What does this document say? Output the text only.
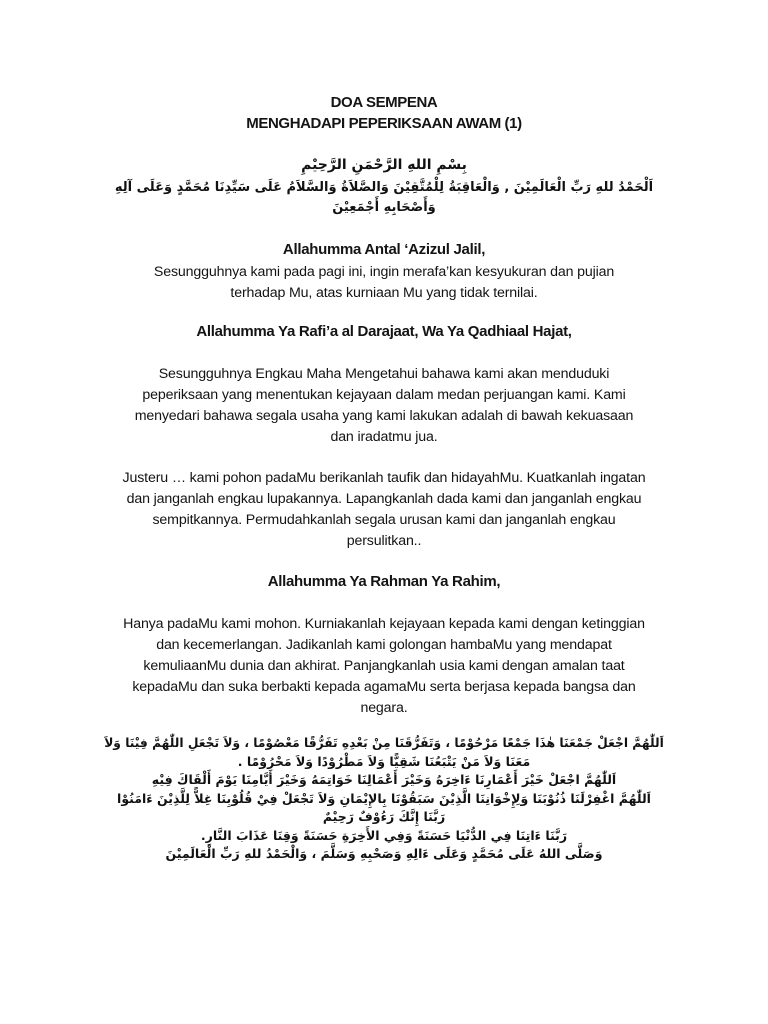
DOA SEMPENA
MENGHADAPI PEPERIKSAAN AWAM (1)
بِسْمِ اللهِ الرَّحْمَنِ الرَّحِيْمِ
اَلْحَمْدُ للهِ رَبِّ الْعَالَمِيْنَ , وَالْعَاقِبَةُ لِلْمُتَّقِيْنَ وَالصَّلاَةُ وَالسَّلاَمُ عَلَى سَيِّدِنَا مُحَمَّدٍ وَعَلَى آلِهِ
وَأَصْحَابِهِ أَجْمَعِيْنَ
Allahumma Antal ‘Azizul Jalil,
Sesungguhnya kami pada pagi ini, ingin merafa’kan kesyukuran dan pujian
terhadap Mu, atas kurniaan Mu yang tidak ternilai.
Allahumma Ya Rafi’a al Darajaat, Wa Ya Qadhiaal Hajat,
Sesungguhnya Engkau Maha Mengetahui bahawa kami akan menduduki
peperiksaan yang menentukan kejayaan dalam medan perjuangan kami. Kami
menyedari bahawa segala usaha yang kami lakukan adalah di bawah kekuasaan
dan iradatmu jua.
Justeru … kami pohon padaMu berikanlah taufik dan hidayahMu. Kuatkanlah ingatan
dan janganlah engkau lupakannya. Lapangkanlah dada kami dan janganlah engkau
sempitkannya. Permudahkanlah segala urusan kami dan janganlah engkau
persulitkan..
Allahumma Ya Rahman Ya Rahim,
Hanya padaMu kami mohon. Kurniakanlah kejayaan kepada kami dengan ketinggian
dan kecemerlangan. Jadikanlah kami golongan hambaMu yang mendapat
kemuliaanMu dunia dan akhirat. Panjangkanlah usia kami dengan amalan taat
kepadaMu dan suka berbakti kepada agamaMu serta berjasa kepada bangsa dan
negara.
اَللّٰهُمَّ اجْعَلْ جَمْعَنَا هٰذَا جَمْعًا مَرْحُوْمًا ، وَتَفَرُّقَنَا مِنْ بَعْدِهِ تَفَرُّقًا مَعْصُوْمًا ، وَلاَ تَجْعَلِ اللّٰهُمَّ فِيْنَا وَلاَ
مَعَنَا وَلاَ مَنْ يَتْبَعُنَا شَقِيًّا وَلاَ مَطْرُوْدًا وَلاَ مَحْرُوْمًا .
اَللّٰهُمَّ اجْعَلْ خَيْرَ أَعْمَارِنَا ءَاخِرَهُ وَخَيْرَ أَعْمَالِنَا خَوَاتِمَهُ وَخَيْرَ أَيَّامِنَا يَوْمَ أَلْقَاكَ فِيْهِ
اَللّٰهُمَّ اغْفِرْلَنَا ذُنُوْبَنَا وَلِإِخْوَانِنَا الَّذِيْنَ سَبَقُوْنَا بِالإِيْمَانِ وَلاَ تَجْعَلْ فِيْ قُلُوْبِنَا غِلاًّ لِلَّذِيْنَ ءَامَنُوْا
رَبَّنَا إِنَّكَ رَءُوْفٌ رَحِيْمٌ
رَبَّنَا ءَاتِنَا فِي الدُّنْيَا حَسَنَةً وَفِي الأَخِرَةِ حَسَنَةً وَقِنَا عَذَابَ النَّارِ.
وَصَلَّى اللهُ عَلَى مُحَمَّدٍ وَعَلَى ءَالِهِ وَصَحْبِهِ وَسَلَّمَ ، وَالْحَمْدُ للهِ رَبِّ الْعَالَمِيْنَ
